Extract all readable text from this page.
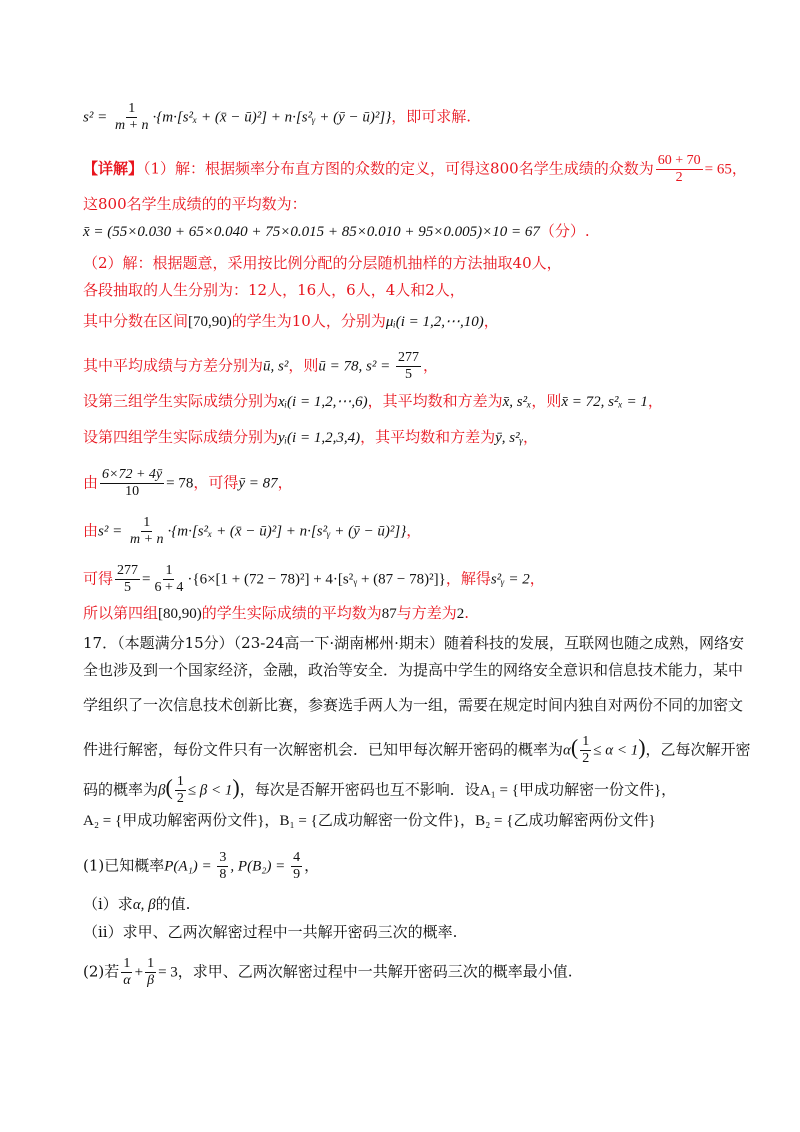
$s^2 = \frac{1}{m + n} \cdot\{m\cdot[s^2_x$ + (x̄ − ū)²] + n·[s²ᵧ + (ȳ − ū)²]}，即可求解.
【详解】（1）解：根据频率分布直方图的众数的定义，可得这800名学生成绩的众数为 $\frac{60 + 70}{2} = 65$，
这800名学生成绩的的平均数为：
x̄ = (55×0.030 + 65×0.040 + 75×0.015 + 85×0.010 + 95×0.005)×10 = 67（分）.
（2）解：根据题意，采用按比例分配的分层随机抽样的方法抽取40人，
各段抽取的人生分别为：12人，16人，6人，4人和2人，
其中分数在区间[70,90)的学生为10人，分别为μᵢ(i = 1,2,⋯,10)，
其中平均成绩与方差分别为ū, s²，则ū = 78, $s^2 = \frac{277}{5}$ ，
设第三组学生实际成绩分别为xᵢ(i = 1,2,⋯,6)，其平均数和方差为x̄, s²ₓ，则x̄ = 72, s²ₓ = 1，
设第四组学生实际成绩分别为yᵢ(i = 1,2,3,4)，其平均数和方差为ȳ, s²ᵧ，
由 $\frac{6\times 72 + 4ȳ}{10} = 78$，可得ȳ = 87，
由$s^2 = \frac{1}{m + n} \cdot\{m\cdot[s^2_x$ + (x̄ − ū)²] + n·[s²ᵧ + (ȳ − ū)²]}，
可得 $\frac{277}{5} = \frac{1}{6 + 4} \cdot\{6\times[1 + (72 - 78)^2]$ + 4·[s²ᵧ + (87 − 78)²]}，解得s²ᵧ = 2，
所以第四组[80,90)的学生实际成绩的平均数为87与方差为2.
17．（本题满分15分）（23-24高一下·湖南郴州·期末）随着科技的发展，互联网也随之成熟，网络安
全也涉及到一个国家经济，金融，政治等安全．为提高中学生的网络安全意识和信息技术能力，某中
学组织了一次信息技术创新比赛，参赛选手两人为一组，需要在规定时间内独自对两份不同的加密文
件进行解密，每份文件只有一次解密机会．已知甲每次解开密码的概率为$\alpha( \frac{1}{2} \le \alpha < 1)$，乙每次解开密
码的概率为$\beta( \frac{1}{2} \le \beta < 1)$，每次是否解开密码也互不影响．设A₁ = {甲成功解密一份文件}，
A₂ = {甲成功解密两份文件}，B₁ = {乙成功解密一份文件}，B₂ = {乙成功解密两份文件}
(1)已知概率$P(A_1) = \frac{3}{8}$ , $P(B_2) = \frac{4}{9}$ ，
（i）求α, β的值.
（ii）求甲、乙两次解密过程中一共解开密码三次的概率.
(2)若 $\frac{1}{\alpha} + \frac{1}{\beta} = 3$，求甲、乙两次解密过程中一共解开密码三次的概率最小值.
